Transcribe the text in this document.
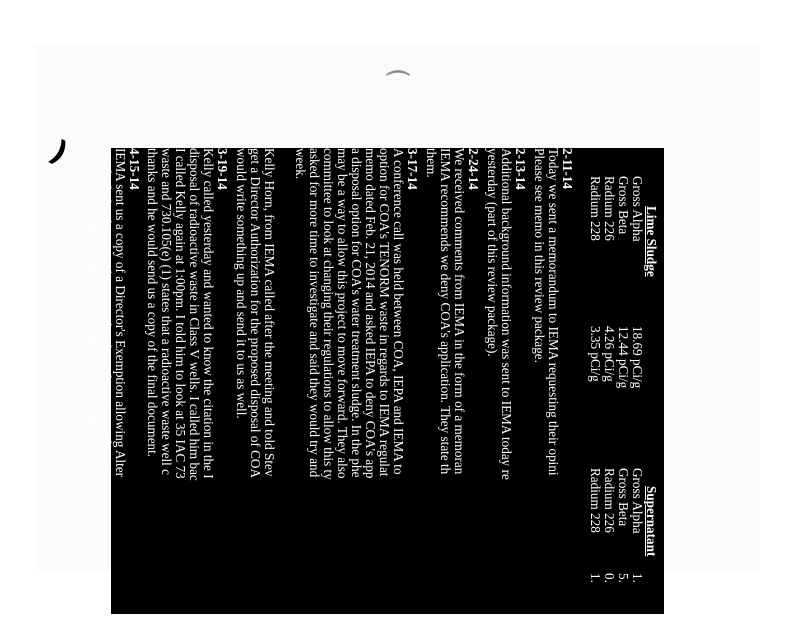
(
)
Lime Sludge
Gross Alpha
18.69 pCi/g
Gross Beta
12.44 pCi/g
Radium 226
4.26 pCi/g
Radium 228
3.35 pCi/g
Supernatant
Gross Alpha
1.
Gross Beta
5.
Radium 226
0.
Radium 228
1.
2-11-14
Today we sent a memorandum to IEMA requesting their opini
Please see memo in this review package.
2-13-14
Additional background information was sent to IEMA today re
yesterday (part of this review package).
2-24-14
We received comments from IEMA in the form of a memoran
IEMA recommends we deny COA's application. They state th
them.
3-17-14
A conference call was held between COA, IEPA and IEMA to
option for COA's TENORM waste in regards to IEMA regulat
memo dated Feb. 21, 2014 and asked IEPA to deny COA's app
a disposal option for COA's water treatment sludge. In the phe
may be a way to allow this project to move forward. They also
committee to look at changing their regulations to allow this ty
asked for more time to investigate and said they would try and
week.
Kelly Horn, from IEMA called after the meeting and told Stev
get a Director Authorization for the proposed disposal of COA
would write something up and send it to us as well.
3-19-14
Kelly called yesterday and wanted to know the citation in the I
disposal of radioactive waste in Class V wells. I called him bac
I called Kelly again at 1:00pm. I told him to look at 35 IAC 73
waste and 730.105(e) (1) states that a radioactive waste well c
thanks and he would send us a copy of the final document.
4-15-14
IEMA sent us a copy of a Director's Exemption allowing Alter
residuals for the City of Aurora, dated April 7, 2014 and signe
Director of IEMA. IEMA also sent this to Marc Fisher, consult
